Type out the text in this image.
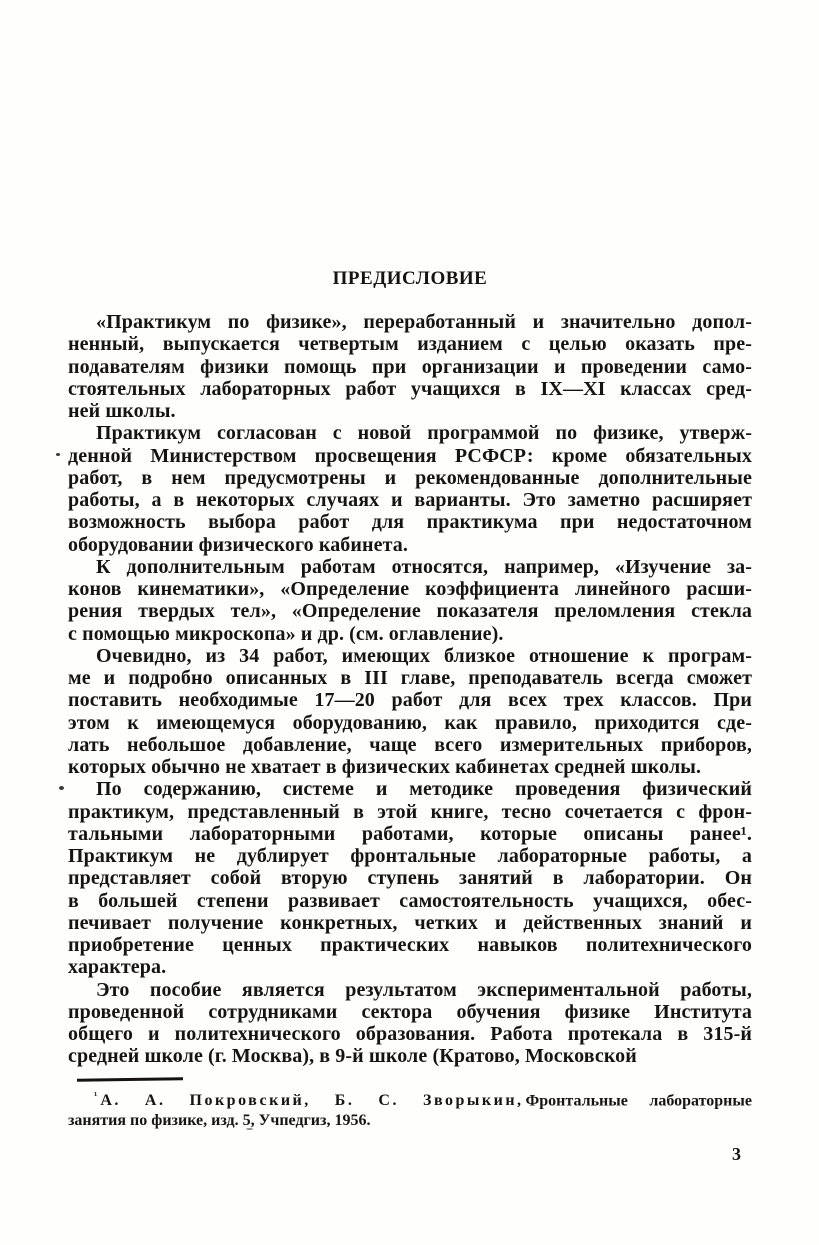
ПРЕДИСЛОВИЕ
«Практикум по физике», переработанный и значительно допол-
ненный, выпускается четвертым изданием с целью оказать пре-
подавателям физики помощь при организации и проведении само-
стоятельных лабораторных работ учащихся в IX—XI классах сред-
ней школы.
Практикум согласован с новой программой по физике, утверж-
денной Министерством просвещения РСФСР: кроме обязательных
работ, в нем предусмотрены и рекомендованные дополнительные
работы, а в некоторых случаях и варианты. Это заметно расширяет
возможность выбора работ для практикума при недостаточном
оборудовании физического кабинета.
К дополнительным работам относятся, например, «Изучение за-
конов кинематики», «Определение коэффициента линейного расши-
рения твердых тел», «Определение показателя преломления стекла
с помощью микроскопа» и др. (см. оглавление).
Очевидно, из 34 работ, имеющих близкое отношение к програм-
ме и подробно описанных в III главе, преподаватель всегда сможет
поставить необходимые 17—20 работ для всех трех классов. При
этом к имеющемуся оборудованию, как правило, приходится сде-
лать небольшое добавление, чаще всего измерительных приборов,
которых обычно не хватает в физических кабинетах средней школы.
По содержанию, системе и методике проведения физический
практикум, представленный в этой книге, тесно сочетается с фрон-
тальными лабораторными работами, которые описаны ранее¹.
Практикум не дублирует фронтальные лабораторные работы, а
представляет собой вторую ступень занятий в лаборатории. Он
в большей степени развивает самостоятельность учащихся, обес-
печивает получение конкретных, четких и действенных знаний и
приобретение ценных практических навыков политехнического
характера.
Это пособие является результатом экспериментальной работы,
проведенной сотрудниками сектора обучения физике Института
общего и политехнического образования. Работа протекала в 315-й
средней школе (г. Москва), в 9-й школе (Кратово, Московской
$^{^1}$ А. А. Покровский, Б. С. Зворыкин, Фронтальные лабораторные
занятия по физике, изд. 5, Учпедгиз, 1956.
3
